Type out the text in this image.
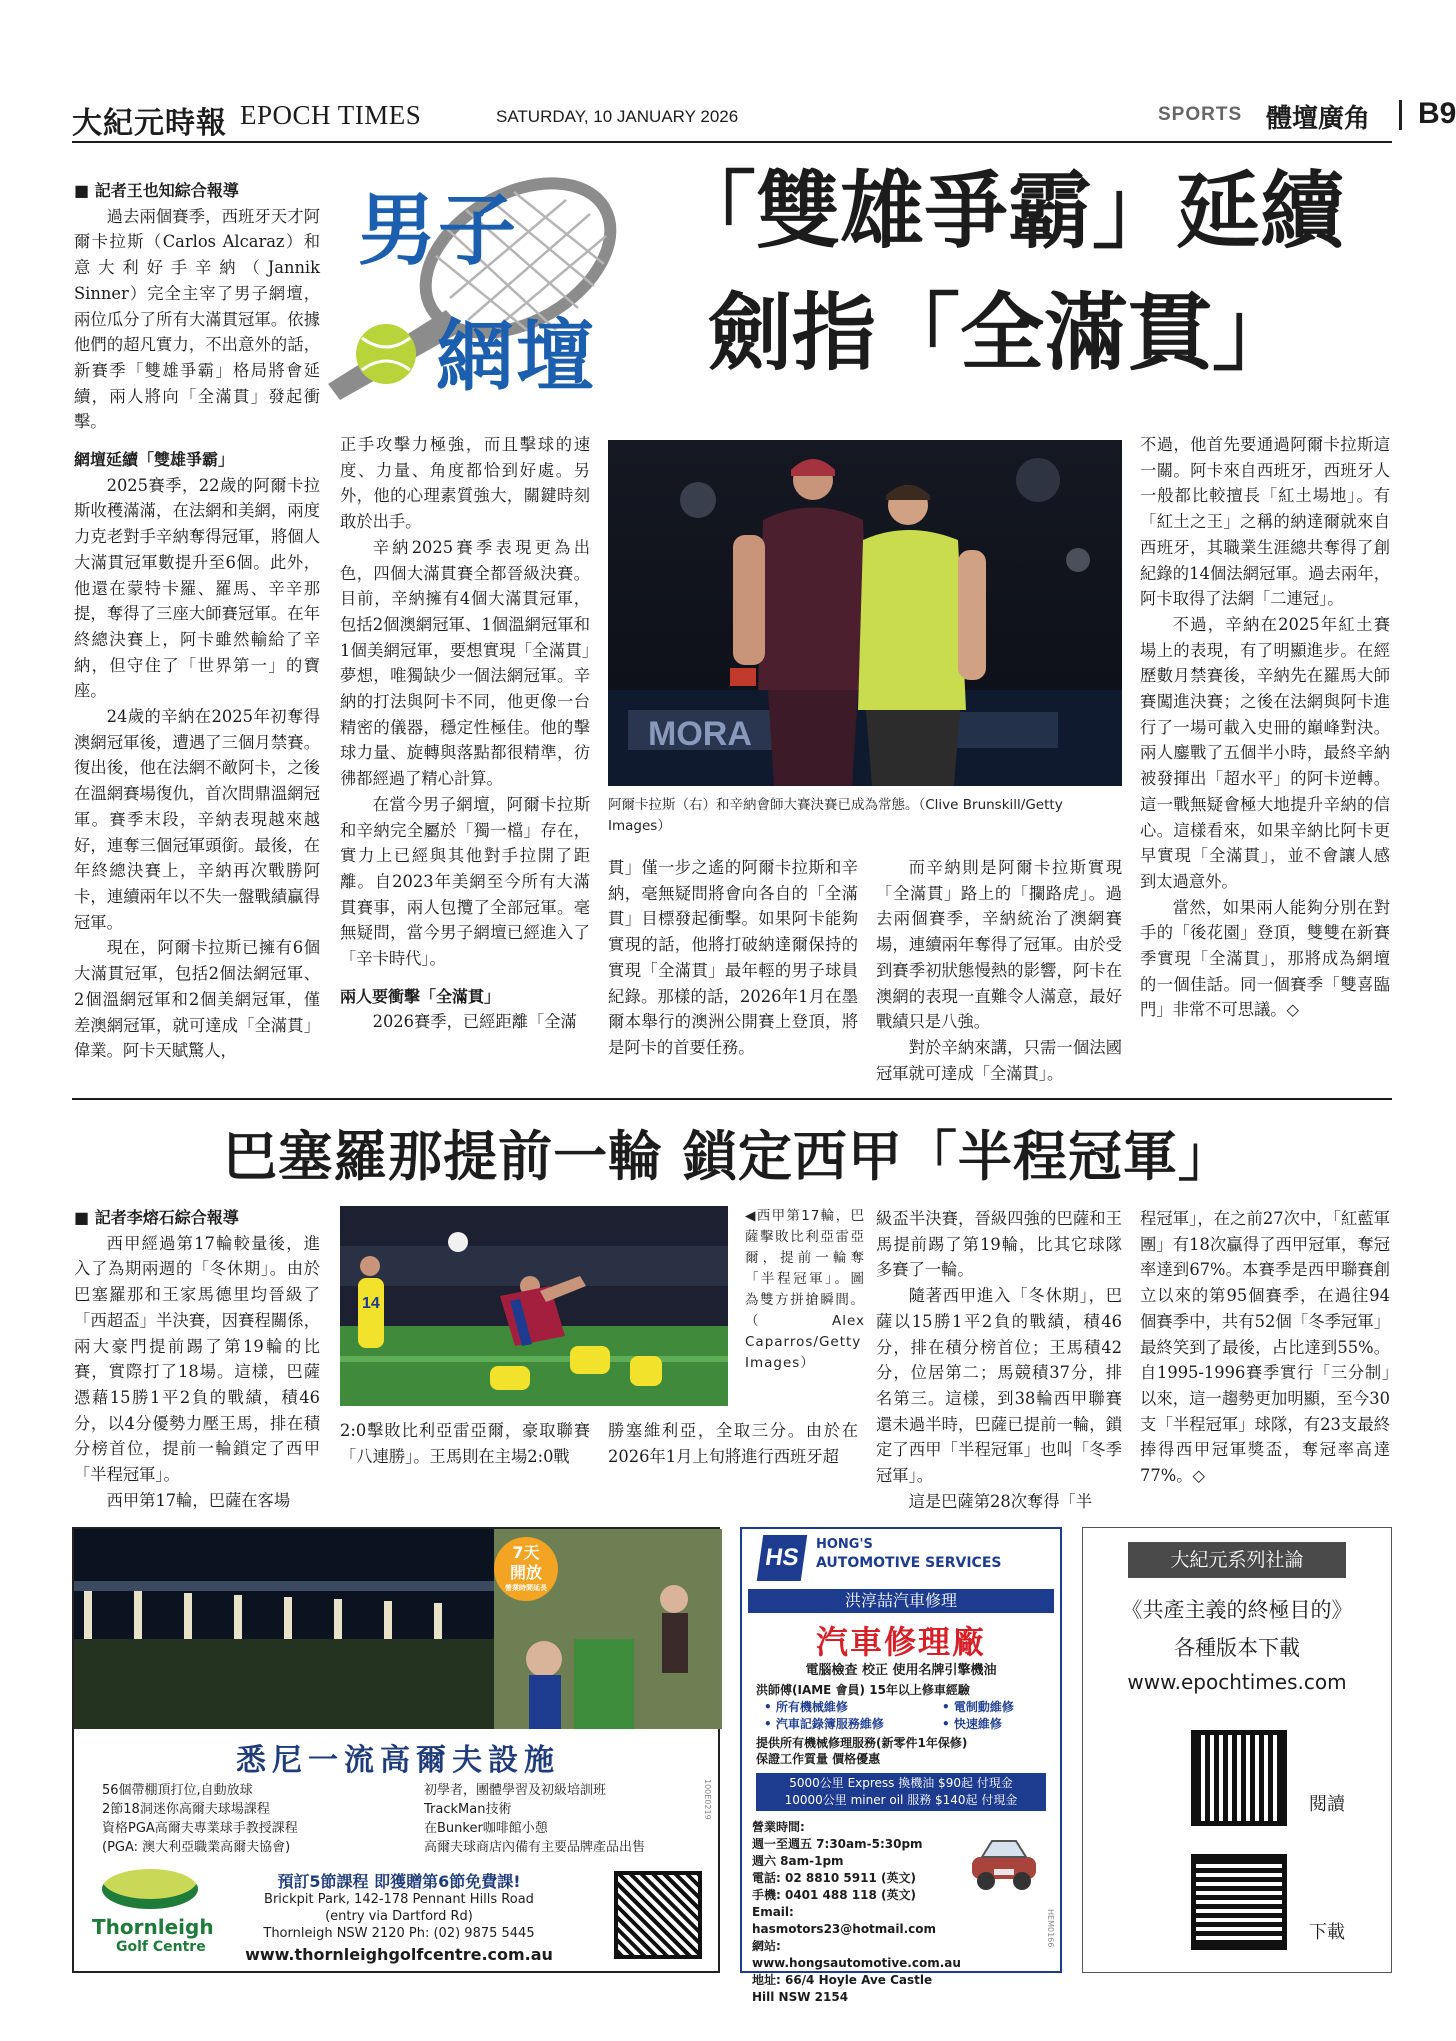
大紀元時報 EPOCH TIMES	SATURDAY, 10 JANUARY 2026	SPORTS 體壇廣角 B9
男子
網壇
「雙雄爭霸」延續
劍指「全滿貫」

■ 記者王也知綜合報導

過去兩個賽季，西班牙天才阿爾卡拉斯（Carlos Alcaraz）和意大利好手辛納（Jannik Sinner）完全主宰了男子網壇，兩位瓜分了所有大滿貫冠軍。依據他們的超凡實力，不出意外的話，新賽季「雙雄爭霸」格局將會延續，兩人將向「全滿貫」發起衝擊。

網壇延續「雙雄爭霸」

2025賽季，22歲的阿爾卡拉斯收穫滿滿，在法網和美網，兩度力克老對手辛納奪得冠軍，將個人大滿貫冠軍數提升至6個。此外，他還在蒙特卡羅、羅馬、辛辛那提，奪得了三座大師賽冠軍。在年終總決賽上，阿卡雖然輸給了辛納，但守住了「世界第一」的寶座。

24歲的辛納在2025年初奪得澳網冠軍後，遭遇了三個月禁賽。復出後，他在法網不敵阿卡，之後在溫網賽場復仇，首次問鼎溫網冠軍。賽季末段，辛納表現越來越好，連奪三個冠軍頭銜。最後，在年終總決賽上，辛納再次戰勝阿卡，連續兩年以不失一盤戰績贏得冠軍。

現在，阿爾卡拉斯已擁有6個大滿貫冠軍，包括2個法網冠軍、2個溫網冠軍和2個美網冠軍，僅差澳網冠軍，就可達成「全滿貫」偉業。阿卡天賦驚人，

正手攻擊力極強，而且擊球的速度、力量、角度都恰到好處。另外，他的心理素質強大，關鍵時刻敢於出手。

辛納2025賽季表現更為出色，四個大滿貫賽全都晉級決賽。目前，辛納擁有4個大滿貫冠軍，包括2個澳網冠軍、1個溫網冠軍和1個美網冠軍，要想實現「全滿貫」夢想，唯獨缺少一個法網冠軍。辛納的打法與阿卡不同，他更像一台精密的儀器，穩定性極佳。他的擊球力量、旋轉與落點都很精準，彷彿都經過了精心計算。

在當今男子網壇，阿爾卡拉斯和辛納完全屬於「獨一檔」存在，實力上已經與其他對手拉開了距離。自2023年美網至今所有大滿貫賽事，兩人包攬了全部冠軍。毫無疑問，當今男子網壇已經進入了「辛卡時代」。

兩人要衝擊「全滿貫」

2026賽季，已經距離「全滿

MORA
阿爾卡拉斯（右）和辛納會師大賽決賽已成為常態。（Clive Brunskill/Getty Images）

貫」僅一步之遙的阿爾卡拉斯和辛納，毫無疑問將會向各自的「全滿貫」目標發起衝擊。如果阿卡能夠實現的話，他將打破納達爾保持的實現「全滿貫」最年輕的男子球員紀錄。那樣的話，2026年1月在墨爾本舉行的澳洲公開賽上登頂，將是阿卡的首要任務。

而辛納則是阿爾卡拉斯實現「全滿貫」路上的「攔路虎」。過去兩個賽季，辛納統治了澳網賽場，連續兩年奪得了冠軍。由於受到賽季初狀態慢熱的影響，阿卡在澳網的表現一直難令人滿意，最好戰績只是八強。

對於辛納來講，只需一個法國冠軍就可達成「全滿貫」。

不過，他首先要通過阿爾卡拉斯這一關。阿卡來自西班牙，西班牙人一般都比較擅長「紅土場地」。有「紅土之王」之稱的納達爾就來自西班牙，其職業生涯總共奪得了創紀錄的14個法網冠軍。過去兩年，阿卡取得了法網「二連冠」。

不過，辛納在2025年紅土賽場上的表現，有了明顯進步。在經歷數月禁賽後，辛納先在羅馬大師賽闖進決賽；之後在法網與阿卡進行了一場可載入史冊的巔峰對決。兩人鏖戰了五個半小時，最終辛納被發揮出「超水平」的阿卡逆轉。這一戰無疑會極大地提升辛納的信心。這樣看來，如果辛納比阿卡更早實現「全滿貫」，並不會讓人感到太過意外。

當然，如果兩人能夠分別在對手的「後花園」登頂，雙雙在新賽季實現「全滿貫」，那將成為網壇的一個佳話。同一個賽季「雙喜臨門」非常不可思議。◇

巴塞羅那提前一輪 鎖定西甲「半程冠軍」

■ 記者李熔石綜合報導

西甲經過第17輪較量後，進入了為期兩週的「冬休期」。由於巴塞羅那和王家馬德里均晉級了「西超盃」半決賽，因賽程關係，兩大豪門提前踢了第19輪的比賽，實際打了18場。這樣，巴薩憑藉15勝1平2負的戰績，積46分，以4分優勢力壓王馬，排在積分榜首位，提前一輪鎖定了西甲「半程冠軍」。

西甲第17輪，巴薩在客場

14
◀西甲第17輪，巴薩擊敗比利亞雷亞爾，提前一輪奪「半程冠軍」。圖為雙方拼搶瞬間。（Alex Caparros/Getty Images）

2:0擊敗比利亞雷亞爾，豪取聯賽「八連勝」。王馬則在主場2:0戰

勝塞維利亞，全取三分。由於在2026年1月上旬將進行西班牙超

級盃半決賽，晉級四強的巴薩和王馬提前踢了第19輪，比其它球隊多賽了一輪。

隨著西甲進入「冬休期」，巴薩以15勝1平2負的戰績，積46分，排在積分榜首位；王馬積42分，位居第二；馬競積37分，排名第三。這樣，到38輪西甲聯賽還未過半時，巴薩已提前一輪，鎖定了西甲「半程冠軍」也叫「冬季冠軍」。

這是巴薩第28次奪得「半

程冠軍」，在之前27次中，「紅藍軍團」有18次贏得了西甲冠軍，奪冠率達到67%。本賽季是西甲聯賽創立以來的第95個賽季，在過往94個賽季中，共有52個「冬季冠軍」最終笑到了最後，占比達到55%。自1995-1996賽季實行「三分制」以來，這一趨勢更加明顯，至今30支「半程冠軍」球隊，有23支最終捧得西甲冠軍獎盃，奪冠率高達77%。◇

7天
開放
營業時間延長
悉尼一流高爾夫設施
56個帶棚頂打位,自動放球
2節18洞迷你高爾夫球場課程
資格PGA高爾夫專業球手教授課程
(PGA: 澳大利亞職業高爾夫協會)
初學者，團體學習及初級培訓班
TrackMan技術
在Bunker咖啡館小憩
高爾夫球商店內備有主要品牌產品出售
100E0219
Thornleigh
Golf Centre
預訂5節課程 即獲贈第6節免費課!
Brickpit Park, 142-178 Pennant Hills Road
(entry via Dartford Rd)
Thornleigh NSW 2120 Ph: (02) 9875 5445
www.thornleighgolfcentre.com.au
HS	HONG'S
AUTOMOTIVE SERVICES
洪淳喆汽車修理
汽車修理廠
電腦檢查 校正 使用名牌引擎機油
洪師傅(IAME 會員) 15年以上修車經驗
• 所有機械維修
• 汽車記錄簿服務維修
• 電制動維修
• 快速維修
提供所有機械修理服務(新零件1年保修)
保證工作質量 價格優惠
5000公里 Express 換機油 $90起 付現金
10000公里 miner oil 服務 $140起 付現金
營業時間:
週一至週五 7:30am-5:30pm
週六 8am-1pm
電話: 02 8810 5911 (英文)
手機: 0401 488 118 (英文)
Email: hasmotors23@hotmail.com
網站: www.hongsautomotive.com.au
地址: 66/4 Hoyle Ave Castle Hill NSW 2154
HEM0166
大紀元系列社論
《共產主義的終極目的》
各種版本下載
www.epochtimes.com
閱讀
下載
